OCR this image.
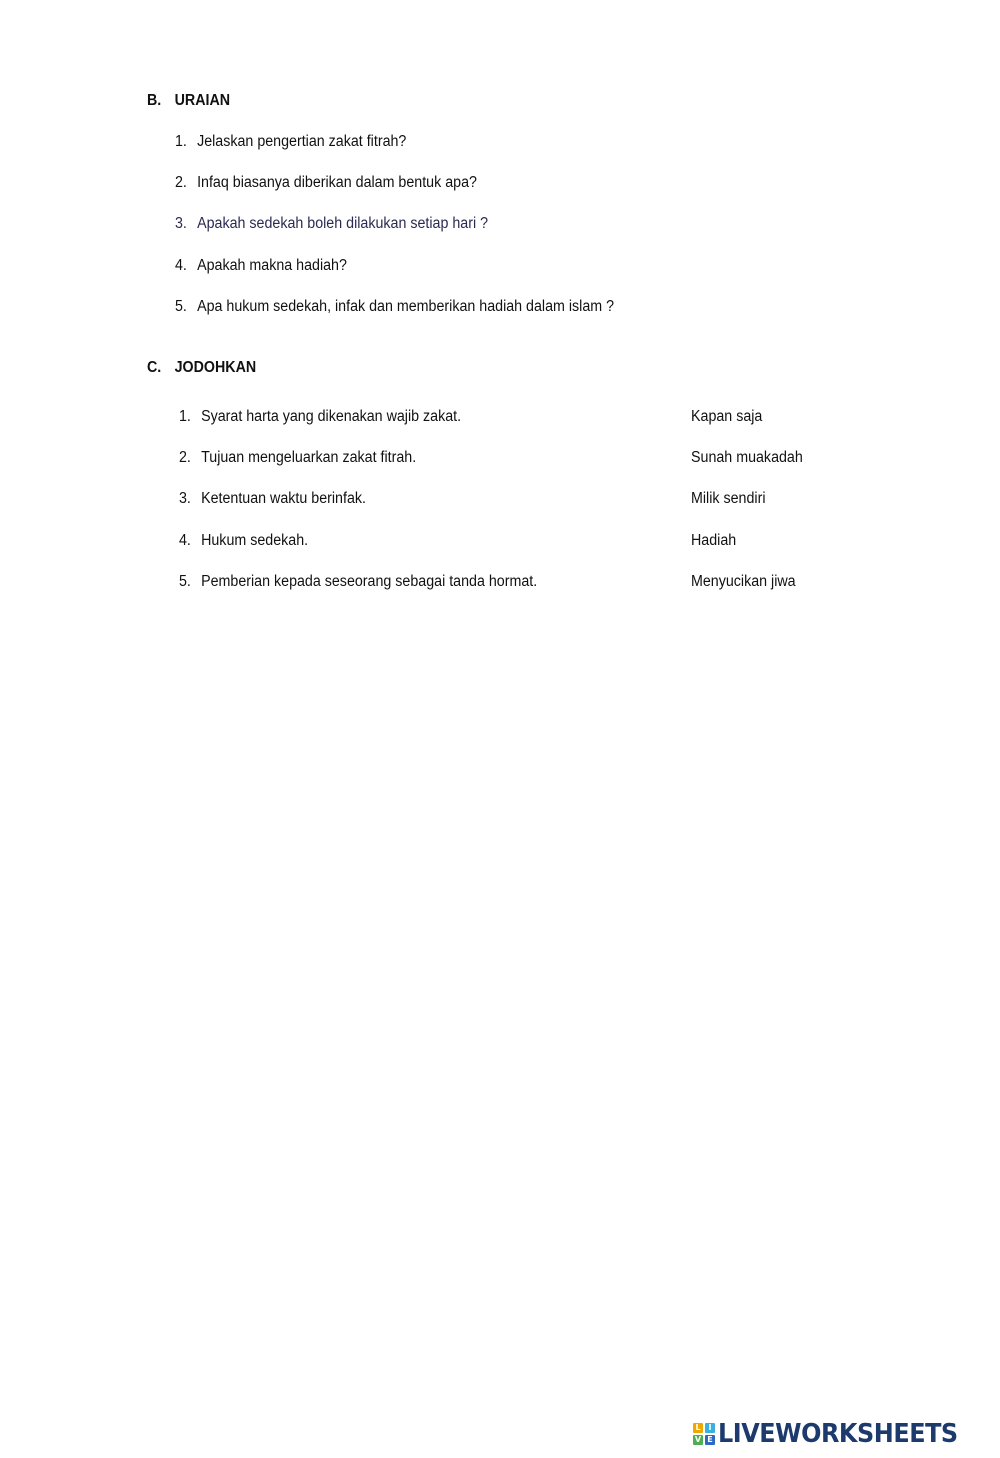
B. URAIAN
1. Jelaskan pengertian zakat fitrah?
2. Infaq biasanya diberikan dalam bentuk apa?
3. Apakah sedekah boleh dilakukan setiap hari ?
4. Apakah makna hadiah?
5. Apa hukum sedekah, infak dan memberikan hadiah dalam islam ?
C. JODOHKAN
1. Syarat harta yang dikenakan wajib zakat.	Kapan saja
2. Tujuan mengeluarkan zakat fitrah.	Sunah muakadah
3. Ketentuan waktu berinfak.	Milik sendiri
4. Hukum sedekah.	Hadiah
5. Pemberian kepada seseorang sebagai tanda hormat.	Menyucikan jiwa
L I
V E LIVEWORKSHEETS
